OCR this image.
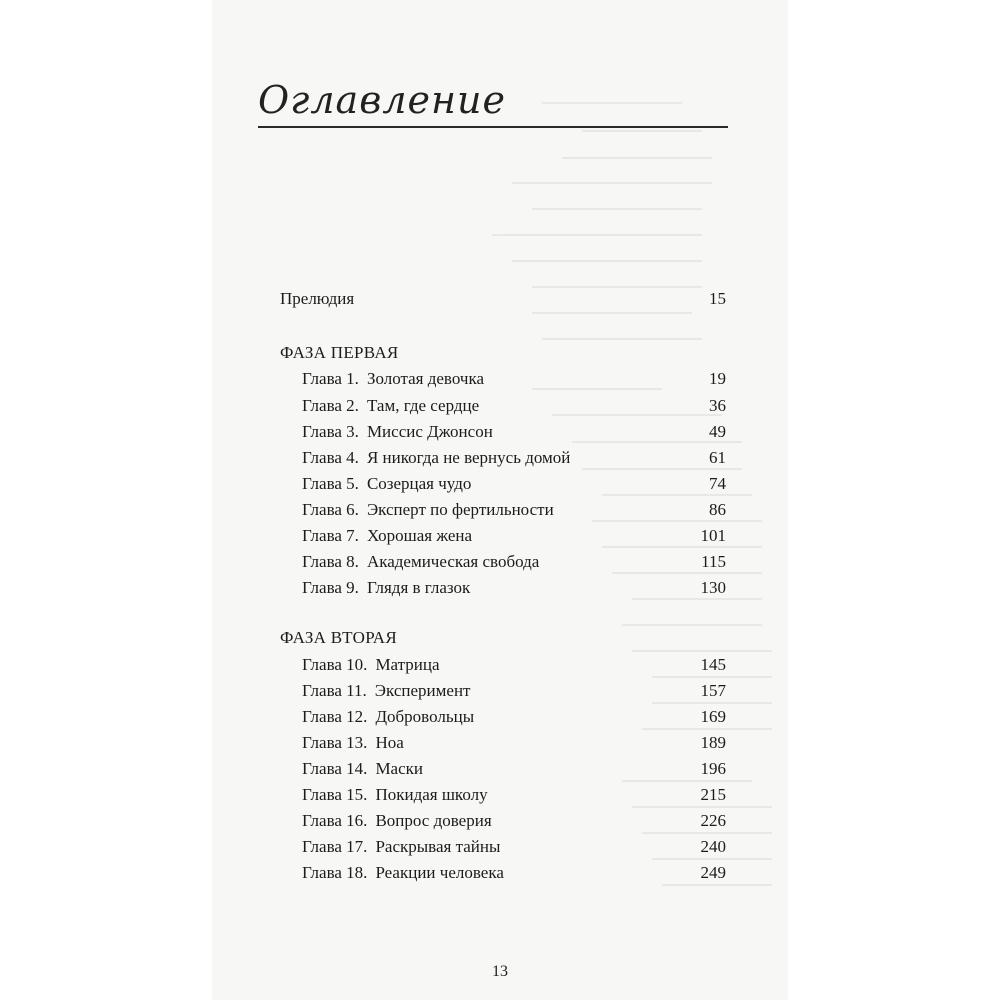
Оглавление
Прелюдия	15
ФАЗА ПЕРВАЯ
Глава 1. Золотая девочка	19
Глава 2. Там, где сердце	36
Глава 3. Миссис Джонсон	49
Глава 4. Я никогда не вернусь домой	61
Глава 5. Созерцая чудо	74
Глава 6. Эксперт по фертильности	86
Глава 7. Хорошая жена	101
Глава 8. Академическая свобода	115
Глава 9. Глядя в глазок	130
ФАЗА ВТОРАЯ
Глава 10. Матрица	145
Глава 11. Эксперимент	157
Глава 12. Добровольцы	169
Глава 13. Ноа	189
Глава 14. Маски	196
Глава 15. Покидая школу	215
Глава 16. Вопрос доверия	226
Глава 17. Раскрывая тайны	240
Глава 18. Реакции человека	249
13
